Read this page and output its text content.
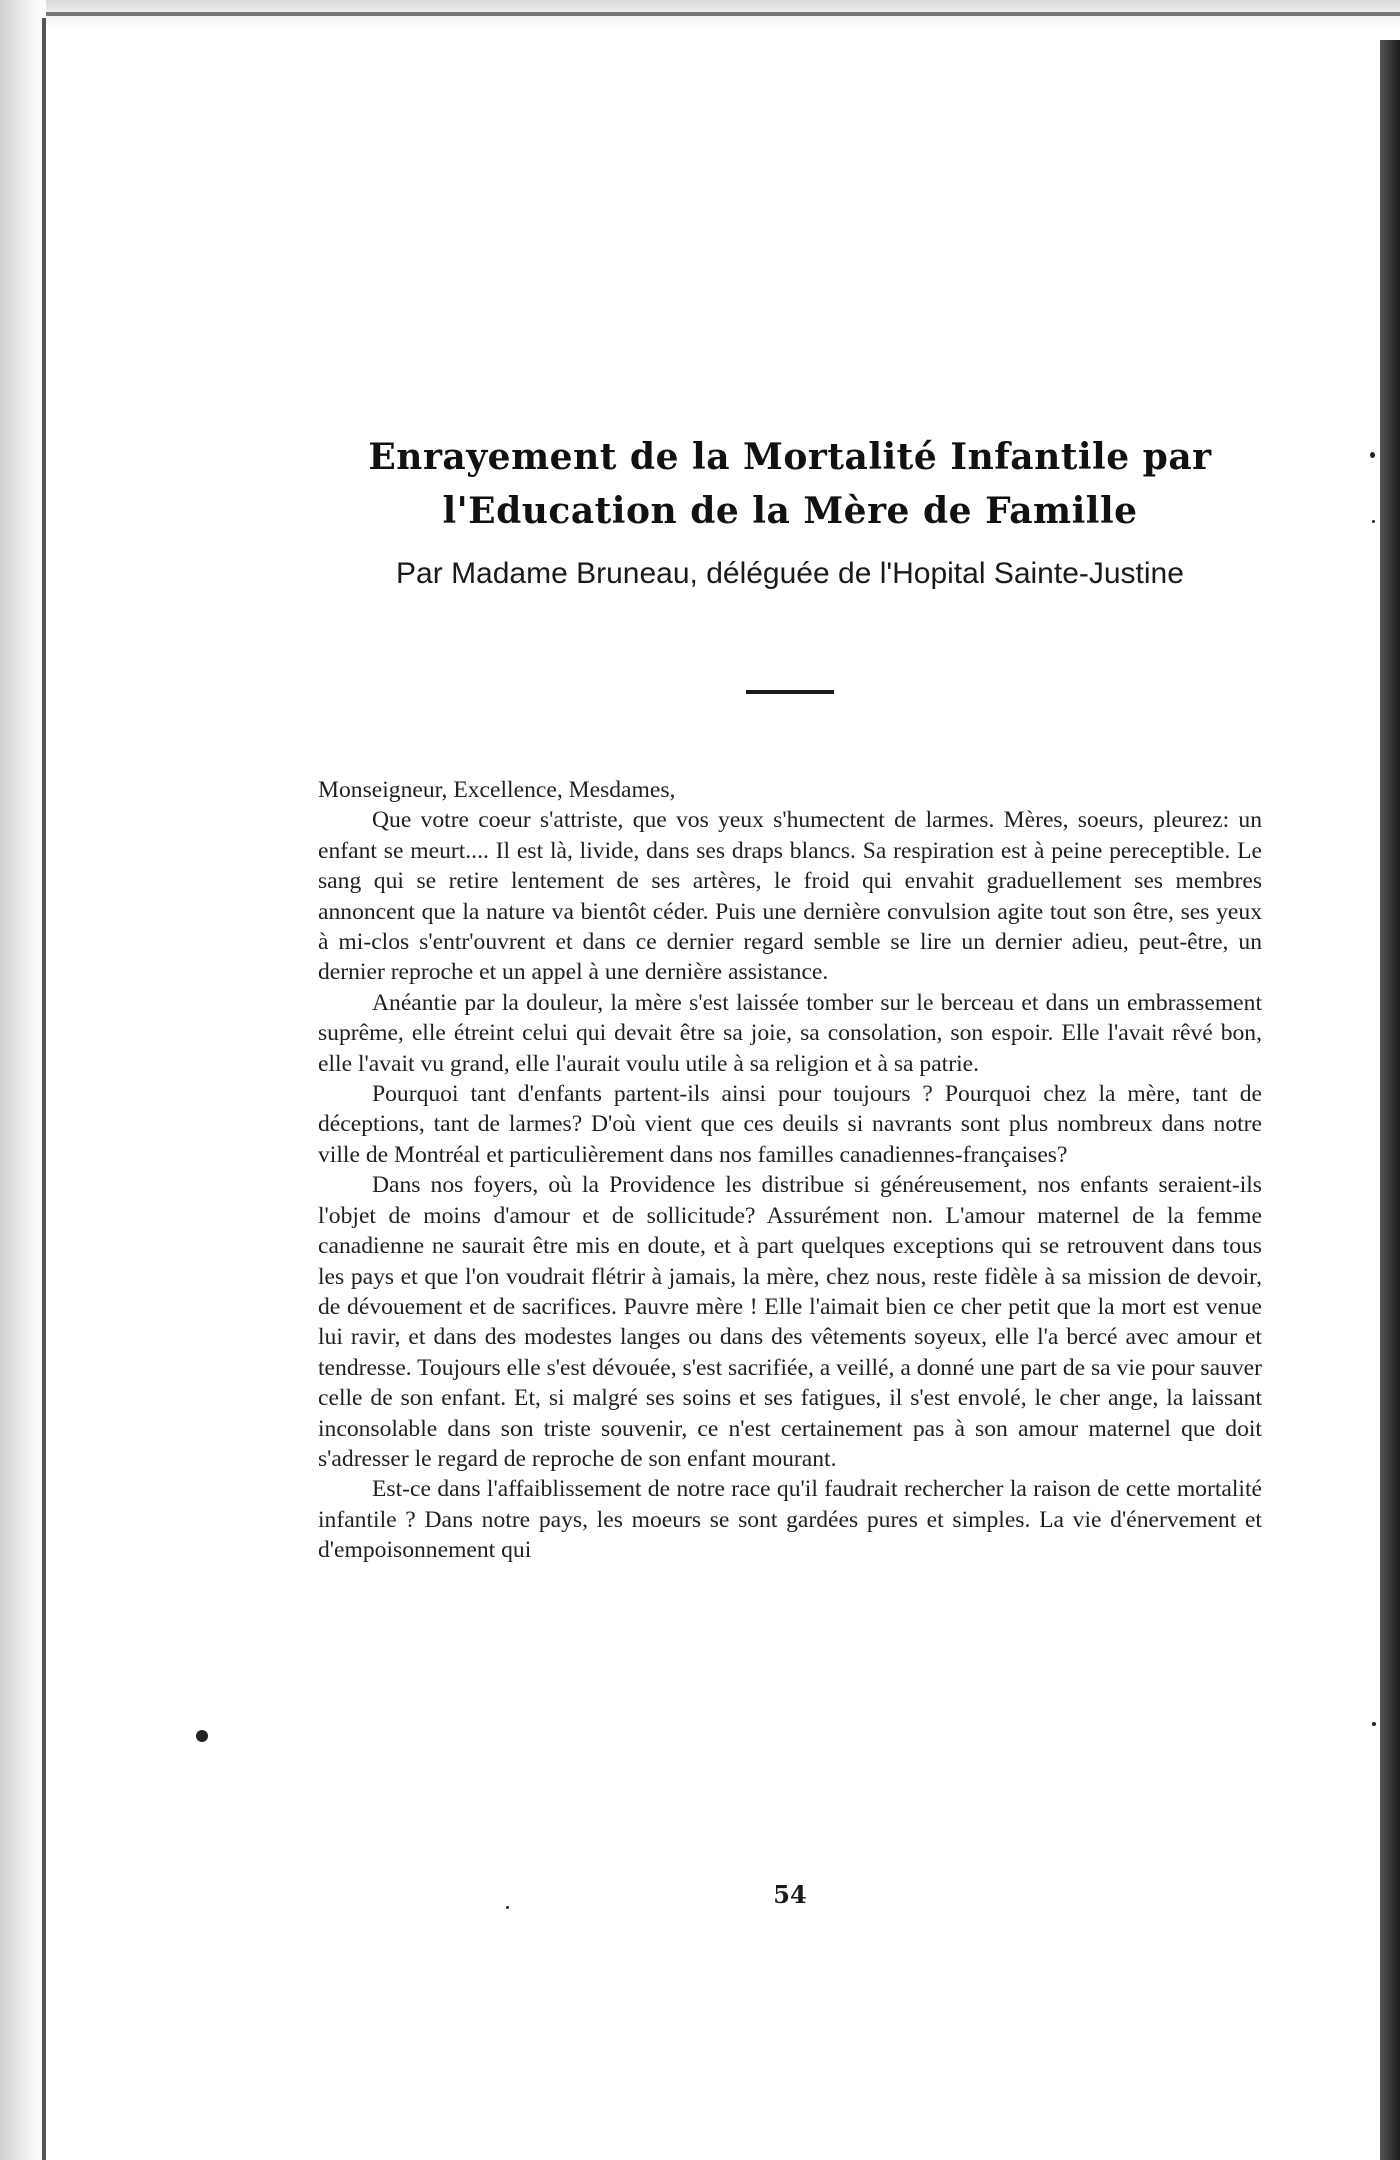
Enrayement de la Mortalité Infantile par
l'Education de la Mère de Famille

Par Madame Bruneau, déléguée de l'Hopital Sainte-Justine

Monseigneur, Excellence, Mesdames,

Que votre coeur s'attriste, que vos yeux s'humectent de larmes. Mères, soeurs, pleurez: un enfant se meurt.... Il est là, livide, dans ses draps blancs. Sa respiration est à peine pereceptible. Le sang qui se retire lentement de ses artères, le froid qui envahit graduellement ses membres annoncent que la nature va bientôt céder. Puis une dernière convulsion agite tout son être, ses yeux à mi-clos s'entr'ouvrent et dans ce dernier regard semble se lire un dernier adieu, peut-être, un dernier reproche et un appel à une dernière assistance.

Anéantie par la douleur, la mère s'est laissée tomber sur le berceau et dans un embrassement suprême, elle étreint celui qui devait être sa joie, sa consolation, son espoir. Elle l'avait rêvé bon, elle l'avait vu grand, elle l'aurait voulu utile à sa religion et à sa patrie.

Pourquoi tant d'enfants partent-ils ainsi pour toujours ? Pourquoi chez la mère, tant de déceptions, tant de larmes? D'où vient que ces deuils si navrants sont plus nombreux dans notre ville de Montréal et particulièrement dans nos familles canadiennes-françaises?

Dans nos foyers, où la Providence les distribue si généreusement, nos enfants seraient-ils l'objet de moins d'amour et de sollicitude? Assurément non. L'amour maternel de la femme canadienne ne saurait être mis en doute, et à part quelques exceptions qui se retrouvent dans tous les pays et que l'on voudrait flétrir à jamais, la mère, chez nous, reste fidèle à sa mission de devoir, de dévouement et de sacrifices. Pauvre mère ! Elle l'aimait bien ce cher petit que la mort est venue lui ravir, et dans des modestes langes ou dans des vêtements soyeux, elle l'a bercé avec amour et tendresse. Toujours elle s'est dévouée, s'est sacrifiée, a veillé, a donné une part de sa vie pour sauver celle de son enfant. Et, si malgré ses soins et ses fatigues, il s'est envolé, le cher ange, la laissant inconsolable dans son triste souvenir, ce n'est certainement pas à son amour maternel que doit s'adresser le regard de reproche de son enfant mourant.

Est-ce dans l'affaiblissement de notre race qu'il faudrait rechercher la raison de cette mortalité infantile ? Dans notre pays, les moeurs se sont gardées pures et simples. La vie d'énervement et d'empoisonnement qui

54
